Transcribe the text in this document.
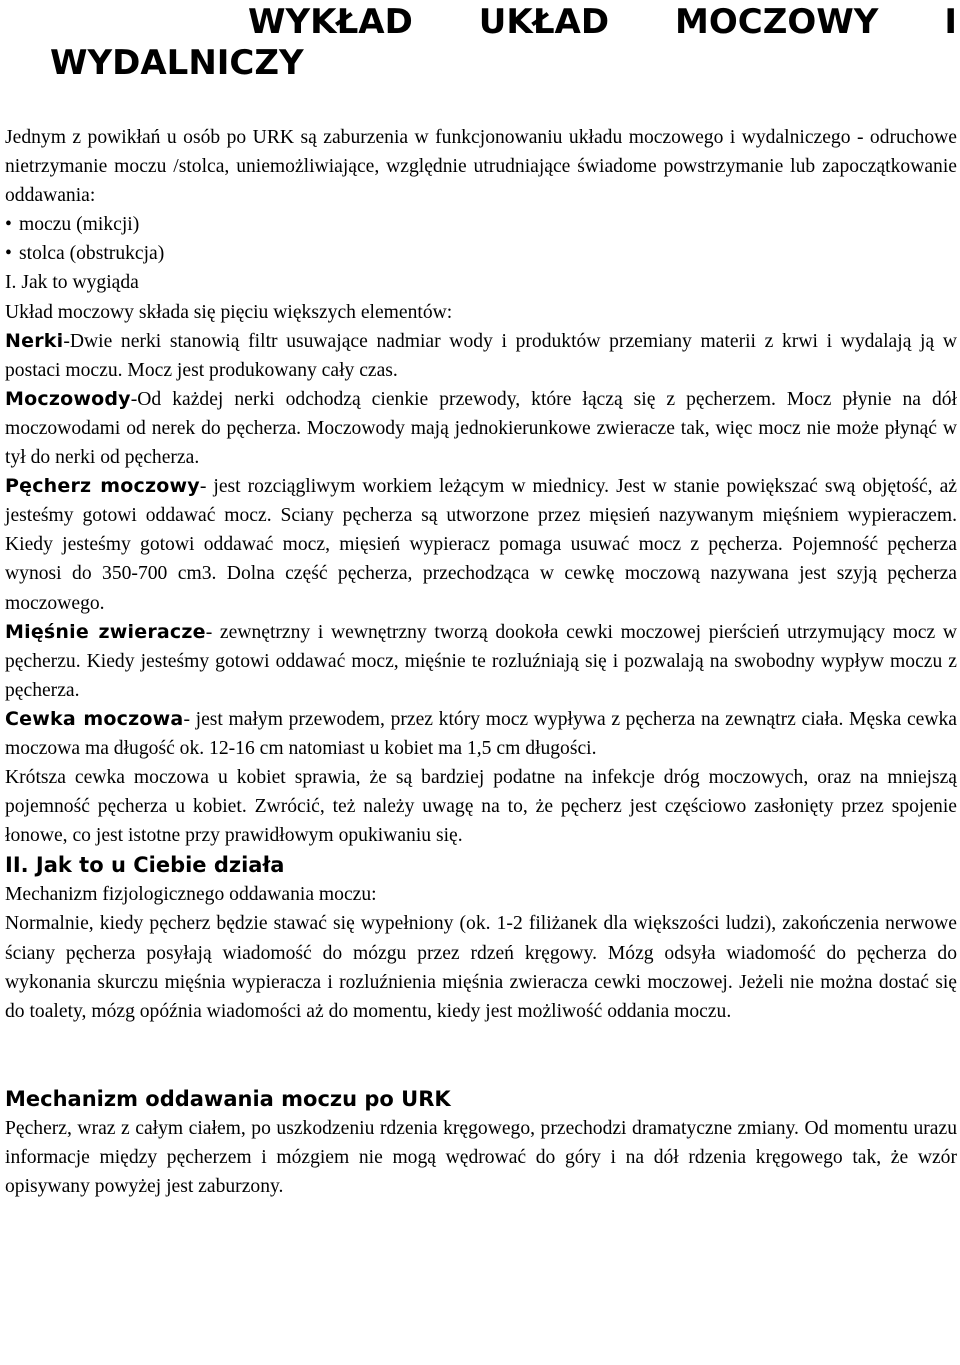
WYKŁAD UKŁAD MOCZOWY I
WYDALNICZY

Jednym z powikłań u osób po URK są zaburzenia w funkcjonowaniu układu moczowego i wydalniczego - odruchowe nietrzymanie moczu /stolca, uniemożliwiające, względnie utrudniające świadome powstrzymanie lub zapoczątkowanie oddawania:

• moczu (mikcji)

• stolca (obstrukcja)

I. Jak to wygiąda

Układ moczowy składa się pięciu większych elementów:

Nerki-Dwie nerki stanowią filtr usuwające nadmiar wody i produktów przemiany materii z krwi i wydalają ją w postaci moczu. Mocz jest produkowany cały czas.

Moczowody-Od każdej nerki odchodzą cienkie przewody, które łączą się z pęcherzem. Mocz płynie na dół moczowodami od nerek do pęcherza. Moczowody mają jednokierunkowe zwieracze tak, więc mocz nie może płynąć w tył do nerki od pęcherza.

Pęcherz moczowy- jest rozciągliwym workiem leżącym w miednicy. Jest w stanie powiększać swą objętość, aż jesteśmy gotowi oddawać mocz. Sciany pęcherza są utworzone przez mięsień nazywanym mięśniem wypieraczem. Kiedy jesteśmy gotowi oddawać mocz, mięsień wypieracz pomaga usuwać mocz z pęcherza. Pojemność pęcherza wynosi do 350-700 cm3. Dolna część pęcherza, przechodząca w cewkę moczową nazywana jest szyją pęcherza moczowego.

Mięśnie zwieracze- zewnętrzny i wewnętrzny tworzą dookoła cewki moczowej pierścień utrzymujący mocz w pęcherzu. Kiedy jesteśmy gotowi oddawać mocz, mięśnie te rozluźniają się i pozwalają na swobodny wypływ moczu z pęcherza.

Cewka moczowa- jest małym przewodem, przez który mocz wypływa z pęcherza na zewnątrz ciała. Męska cewka moczowa ma długość ok. 12-16 cm natomiast u kobiet ma 1,5 cm długości.

Krótsza cewka moczowa u kobiet sprawia, że są bardziej podatne na infekcje dróg moczowych, oraz na mniejszą pojemność pęcherza u kobiet. Zwrócić, też należy uwagę na to, że pęcherz jest częściowo zasłonięty przez spojenie łonowe, co jest istotne przy prawidłowym opukiwaniu się.

II. Jak to u Ciebie działa

Mechanizm fizjologicznego oddawania moczu:

Normalnie, kiedy pęcherz będzie stawać się wypełniony (ok. 1-2 filiżanek dla większości ludzi), zakończenia nerwowe ściany pęcherza posyłają wiadomość do mózgu przez rdzeń kręgowy. Mózg odsyła wiadomość do pęcherza do wykonania skurczu mięśnia wypieracza i rozluźnienia mięśnia zwieracza cewki moczowej. Jeżeli nie można dostać się do toalety, mózg opóźnia wiadomości aż do momentu, kiedy jest możliwość oddania moczu.

Mechanizm oddawania moczu po URK

Pęcherz, wraz z całym ciałem, po uszkodzeniu rdzenia kręgowego, przechodzi dramatyczne zmiany. Od momentu urazu informacje między pęcherzem i mózgiem nie mogą wędrować do góry i na dół rdzenia kręgowego tak, że wzór opisywany powyżej jest zaburzony.
